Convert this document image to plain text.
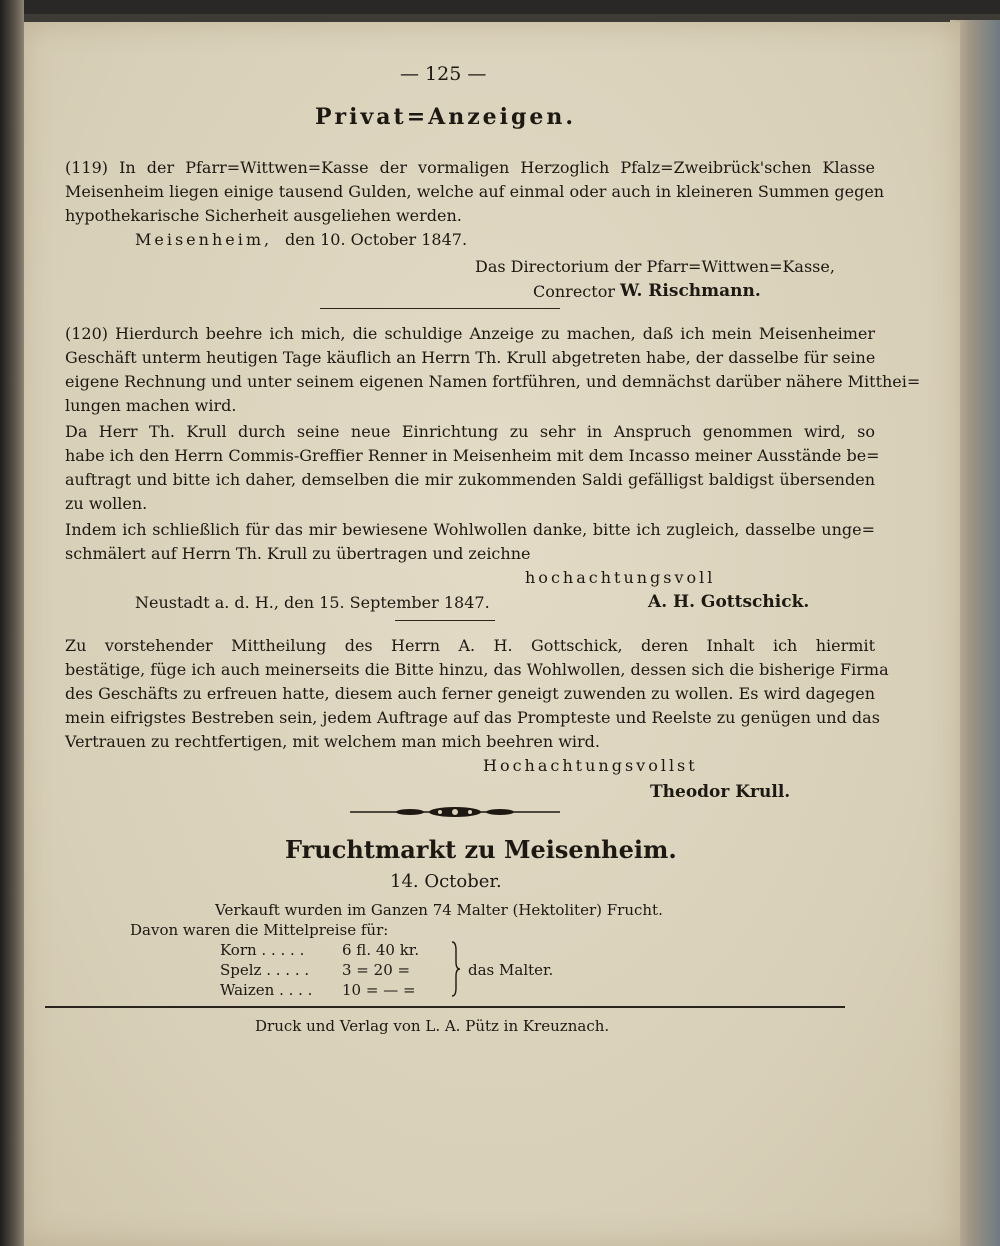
— 125 —
Privat=Anzeigen.
(119) In der Pfarr=Wittwen=Kasse der vormaligen Herzoglich Pfalz=Zweibrück'schen Klasse
Meisenheim liegen einige tausend Gulden, welche auf einmal oder auch in kleineren Summen gegen
hypothekarische Sicherheit ausgeliehen werden.
Meisenheim, den 10. October 1847.
Das Directorium der Pfarr=Wittwen=Kasse,
Conrector W. Rischmann.
(120) Hierdurch beehre ich mich, die schuldige Anzeige zu machen, daß ich mein Meisenheimer
Geschäft unterm heutigen Tage käuflich an Herrn Th. Krull abgetreten habe, der dasselbe für seine
eigene Rechnung und unter seinem eigenen Namen fortführen, und demnächst darüber nähere Mitthei=
lungen machen wird.
Da Herr Th. Krull durch seine neue Einrichtung zu sehr in Anspruch genommen wird, so
habe ich den Herrn Commis-Greffier Renner in Meisenheim mit dem Incasso meiner Ausstände be=
auftragt und bitte ich daher, demselben die mir zukommenden Saldi gefälligst baldigst übersenden
zu wollen.
Indem ich schließlich für das mir bewiesene Wohlwollen danke, bitte ich zugleich, dasselbe unge=
schmälert auf Herrn Th. Krull zu übertragen und zeichne
hochachtungsvoll
Neustadt a. d. H., den 15. September 1847.	A. H. Gottschick.
Zu vorstehender Mittheilung des Herrn A. H. Gottschick, deren Inhalt ich hiermit
bestätige, füge ich auch meinerseits die Bitte hinzu, das Wohlwollen, dessen sich die bisherige Firma
des Geschäfts zu erfreuen hatte, diesem auch ferner geneigt zuwenden zu wollen. Es wird dagegen
mein eifrigstes Bestreben sein, jedem Auftrage auf das Prompteste und Reelste zu genügen und das
Vertrauen zu rechtfertigen, mit welchem man mich beehren wird.
Hochachtungsvollst
Theodor Krull.
Fruchtmarkt zu Meisenheim.
14. October.
Verkauft wurden im Ganzen 74 Malter (Hektoliter) Frucht.
Davon waren die Mittelpreise für:
Korn . . . . .	6 fl. 40 kr.
Spelz . . . . . 3 = 20 =
Waizen . . . . 10 = — =
das Malter.
Druck und Verlag von L. A. Pütz in Kreuznach.
